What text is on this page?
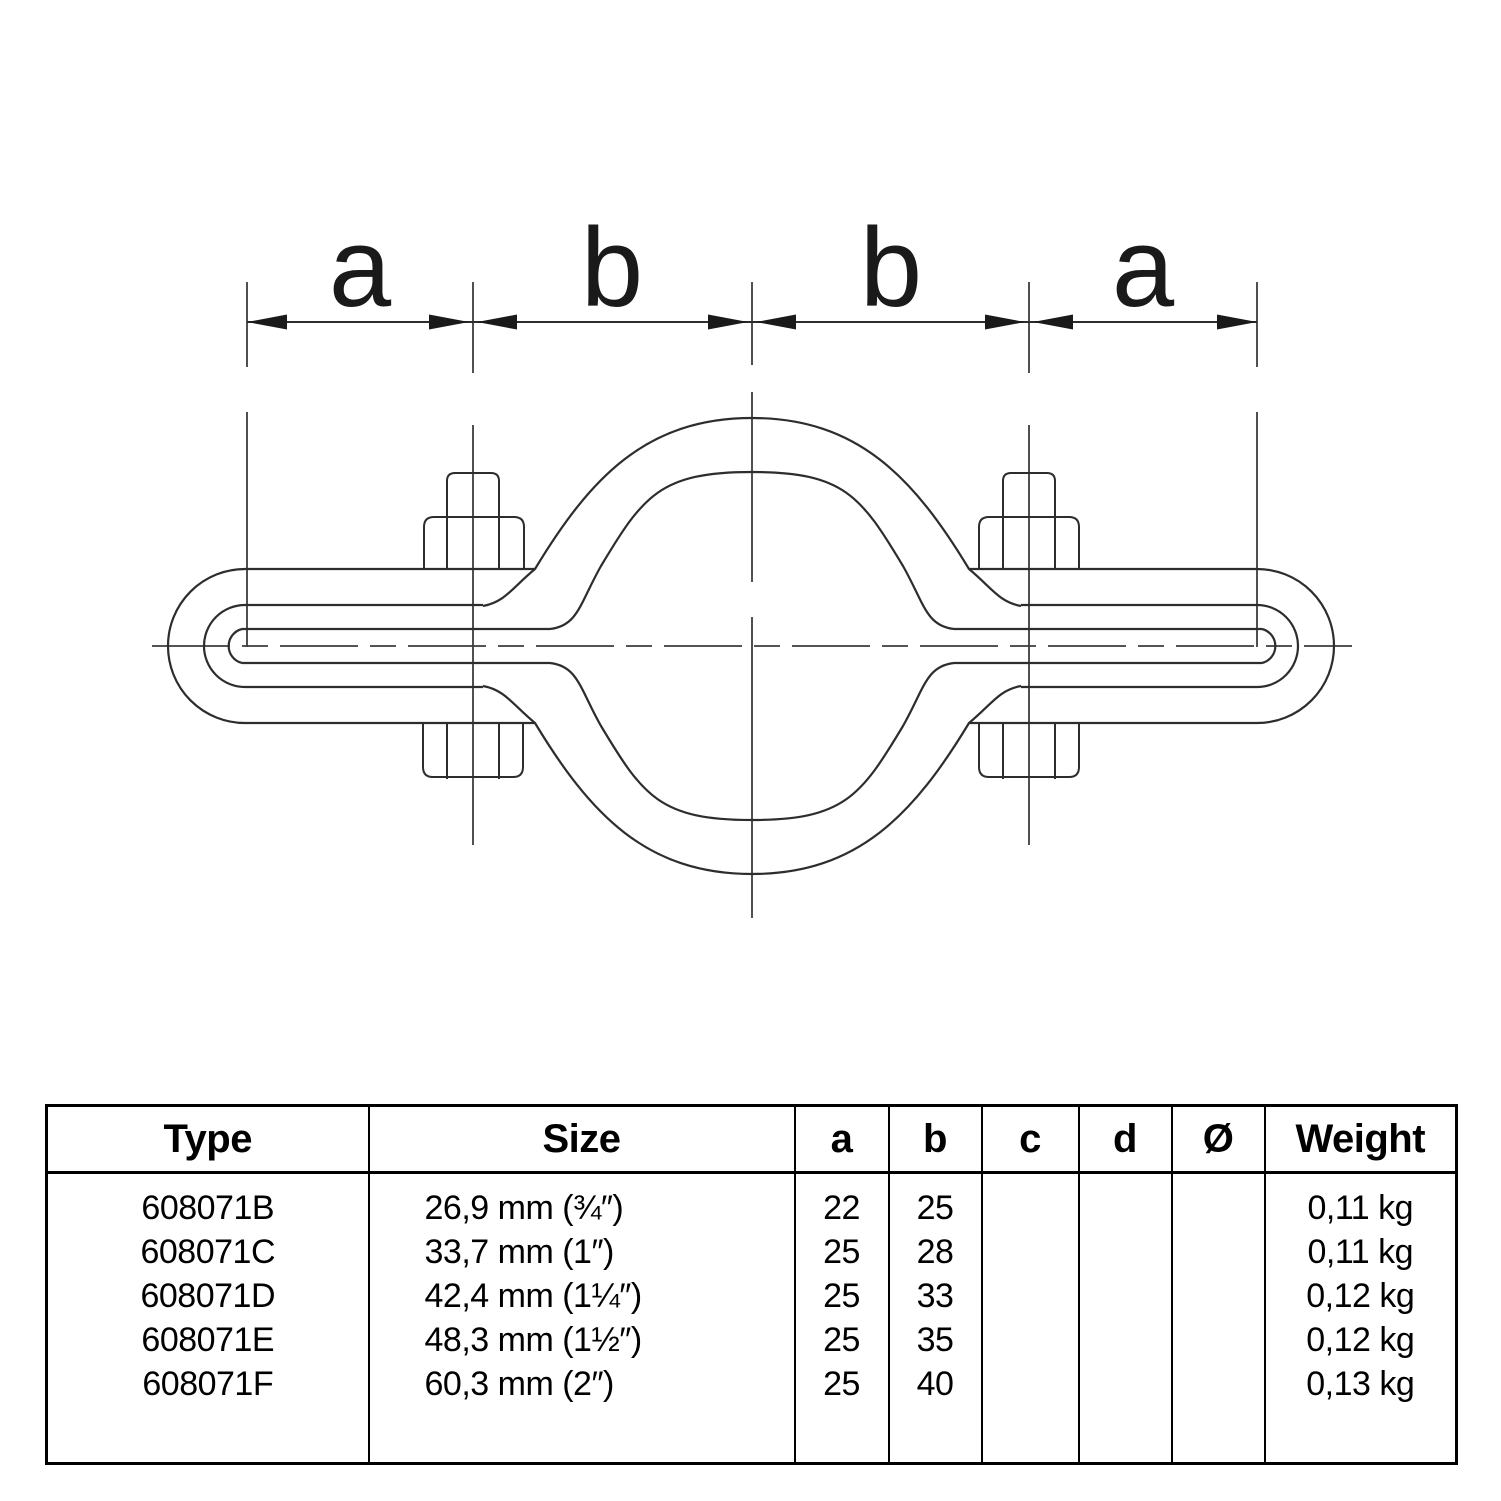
a b b a
Type	Size	a	b	c	d	Ø	Weight
608071B	26,9 mm (¾″)	22	25				0,11 kg
608071C	33,7 mm (1″)	25	28				0,11 kg
608071D	42,4 mm (1¼″)	25	33				0,12 kg
608071E	48,3 mm (1½″)	25	35				0,12 kg
608071F	60,3 mm (2″)	25	40				0,13 kg
